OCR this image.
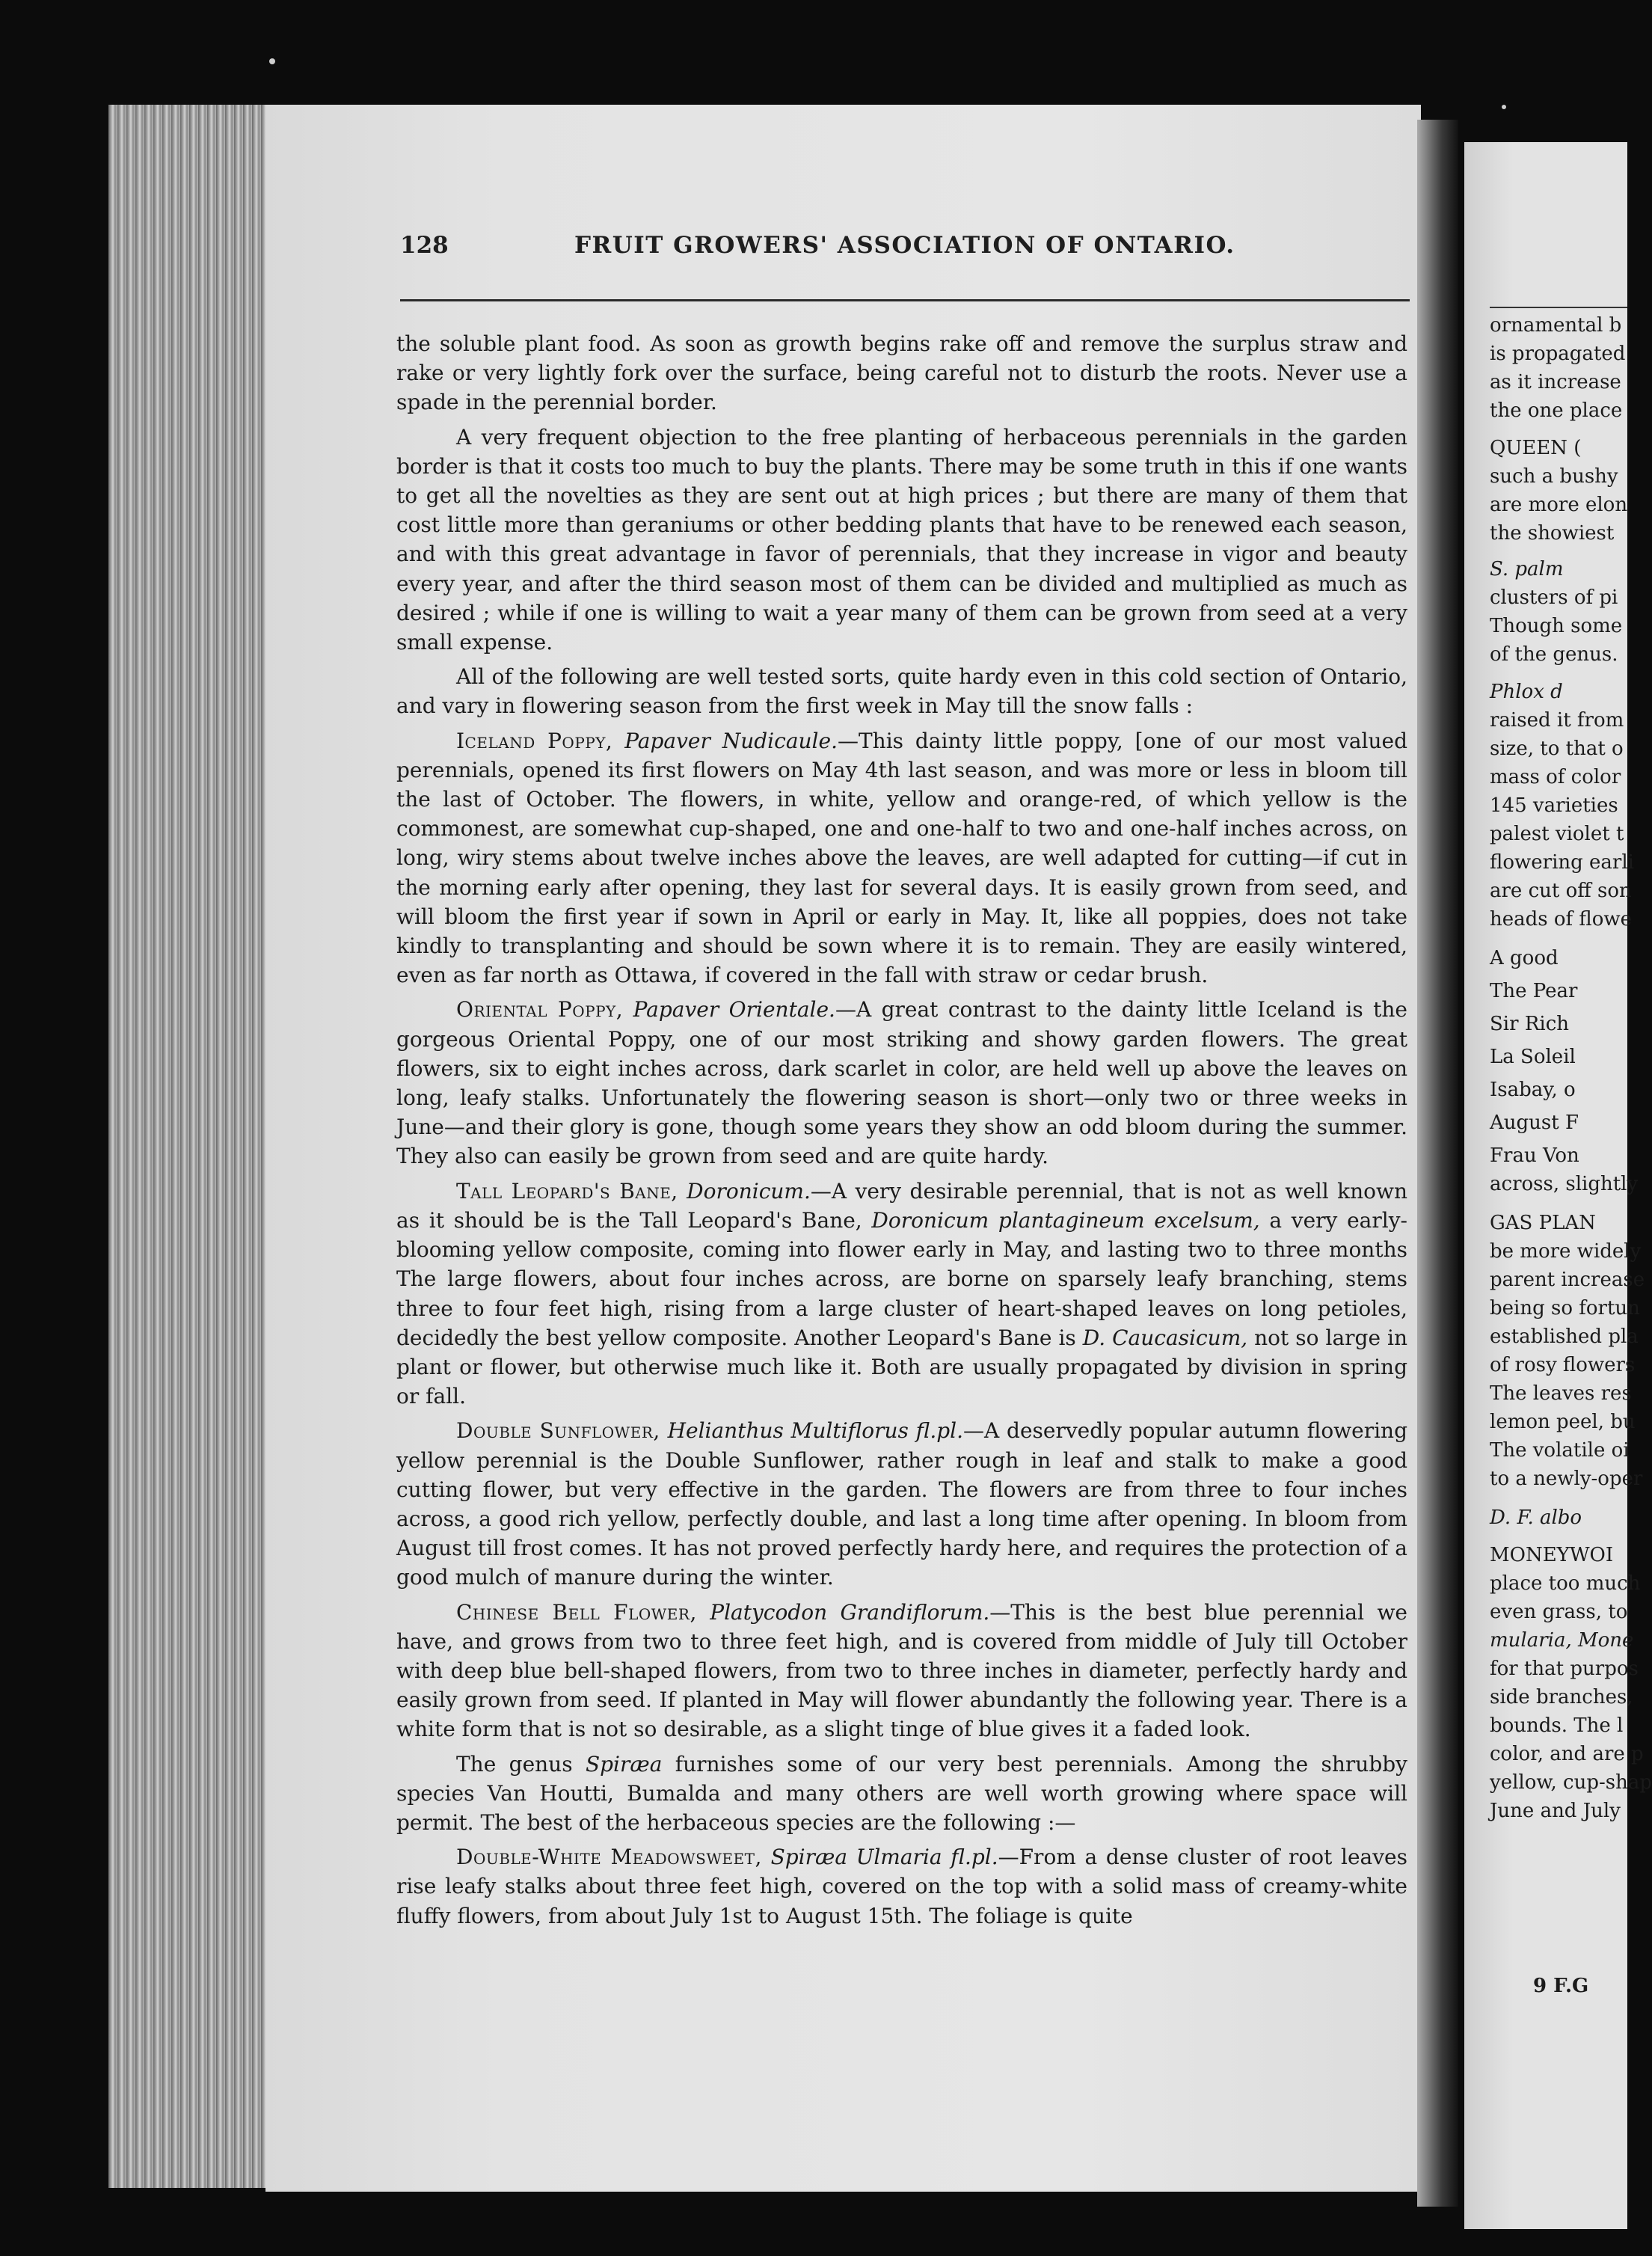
128	FRUIT GROWERS' ASSOCIATION OF ONTARIO.

the soluble plant food. As soon as growth begins rake off and remove the surplus straw and rake or very lightly fork over the surface, being careful not to disturb the roots. Never use a spade in the perennial border.

A very frequent objection to the free planting of herbaceous perennials in the garden border is that it costs too much to buy the plants. There may be some truth in this if one wants to get all the novelties as they are sent out at high prices ; but there are many of them that cost little more than geraniums or other bedding plants that have to be renewed each season, and with this great advantage in favor of perennials, that they increase in vigor and beauty every year, and after the third season most of them can be divided and multiplied as much as desired ; while if one is willing to wait a year many of them can be grown from seed at a very small expense.

All of the following are well tested sorts, quite hardy even in this cold section of Ontario, and vary in flowering season from the first week in May till the snow falls :

Iceland Poppy, Papaver Nudicaule.—This dainty little poppy, [one of our most valued perennials, opened its first flowers on May 4th last season, and was more or less in bloom till the last of October. The flowers, in white, yellow and orange-red, of which yellow is the commonest, are somewhat cup-shaped, one and one-half to two and one-half inches across, on long, wiry stems about twelve inches above the leaves, are well adapted for cutting—if cut in the morning early after opening, they last for several days. It is easily grown from seed, and will bloom the first year if sown in April or early in May. It, like all poppies, does not take kindly to transplanting and should be sown where it is to remain. They are easily wintered, even as far north as Ottawa, if covered in the fall with straw or cedar brush.

Oriental Poppy, Papaver Orientale.—A great contrast to the dainty little Iceland is the gorgeous Oriental Poppy, one of our most striking and showy garden flowers. The great flowers, six to eight inches across, dark scarlet in color, are held well up above the leaves on long, leafy stalks. Unfortunately the flowering season is short—only two or three weeks in June—and their glory is gone, though some years they show an odd bloom during the summer. They also can easily be grown from seed and are quite hardy.

Tall Leopard's Bane, Doronicum.—A very desirable perennial, that is not as well known as it should be is the Tall Leopard's Bane, Doronicum plantagineum excelsum, a very early-blooming yellow composite, coming into flower early in May, and lasting two to three months The large flowers, about four inches across, are borne on sparsely leafy branching, stems three to four feet high, rising from a large cluster of heart-shaped leaves on long petioles, decidedly the best yellow composite. Another Leopard's Bane is D. Caucasicum, not so large in plant or flower, but otherwise much like it. Both are usually propagated by division in spring or fall.

Double Sunflower, Helianthus Multiflorus fl.pl.—A deservedly popular autumn flowering yellow perennial is the Double Sunflower, rather rough in leaf and stalk to make a good cutting flower, but very effective in the garden. The flowers are from three to four inches across, a good rich yellow, perfectly double, and last a long time after opening. In bloom from August till frost comes. It has not proved perfectly hardy here, and requires the protection of a good mulch of manure during the winter.

Chinese Bell Flower, Platycodon Grandiflorum.—This is the best blue perennial we have, and grows from two to three feet high, and is covered from middle of July till October with deep blue bell-shaped flowers, from two to three inches in diameter, perfectly hardy and easily grown from seed. If planted in May will flower abundantly the following year. There is a white form that is not so desirable, as a slight tinge of blue gives it a faded look.

The genus Spiræa furnishes some of our very best perennials. Among the shrubby species Van Houtti, Bumalda and many others are well worth growing where space will permit. The best of the herbaceous species are the following :—

Double-White Meadowsweet, Spiræa Ulmaria fl.pl.—From a dense cluster of root leaves rise leafy stalks about three feet high, covered on the top with a solid mass of creamy-white fluffy flowers, from about July 1st to August 15th. The foliage is quite

ornamental b
is propagated
as it increase
the one place
QUEEN (
such a bushy
are more elon
the showiest
S. palm
clusters of pi
Though some
of the genus.
Phlox d
raised it from
size, to that o
mass of color
145 varieties
palest violet t
flowering earli
are cut off son
heads of flowe
A good
The Pear
Sir Rich
La Soleil
Isabay, o
August F
Frau Von
across, slightly
GAS PLAN
be more widely
parent increase
being so fortun
established pla
of rosy flowers
The leaves res
lemon peel, bu
The volatile oi
to a newly-oper
D. F. albo
MONEYWOI
place too much
even grass, to
mularia, Mone
for that purpos
side branches,
bounds. The l
color, and are p
yellow, cup-shap
June and July
9 F.G
